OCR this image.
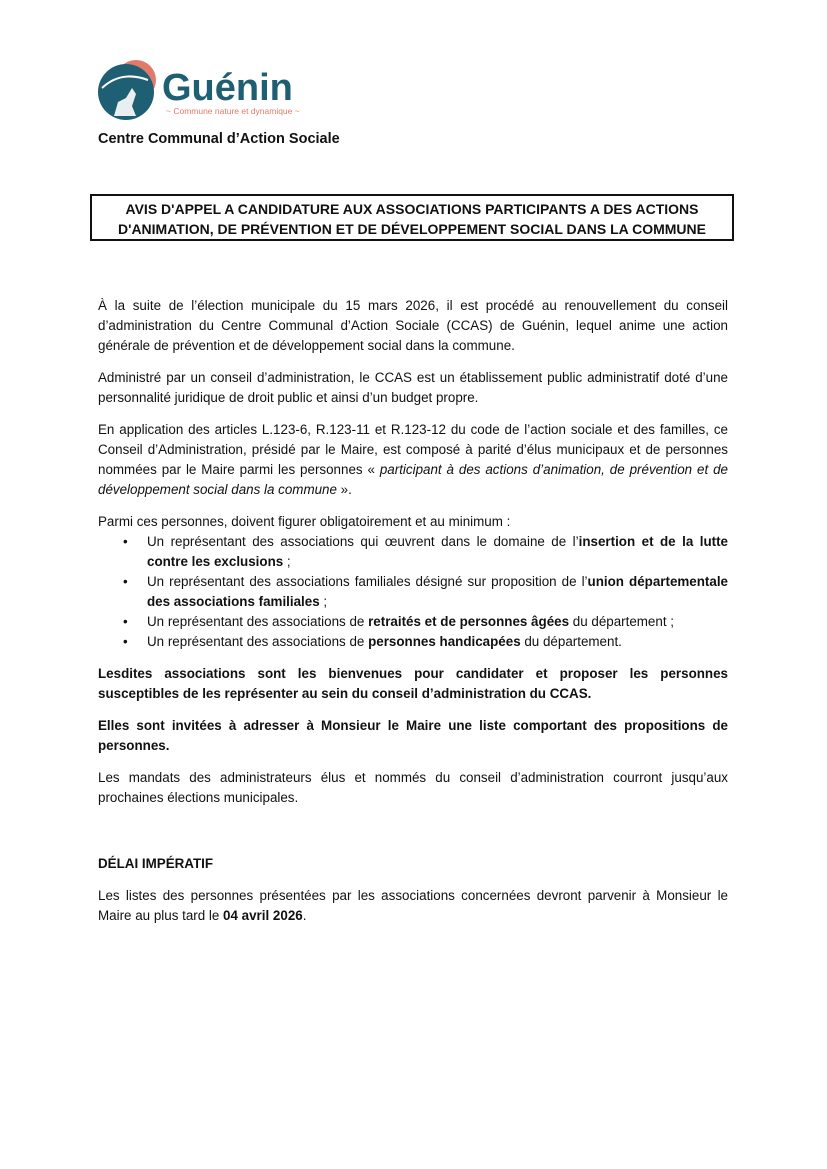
Guénin
~ Commune nature et dynamique ~
Centre Communal d’Action Sociale
AVIS D'APPEL A CANDIDATURE AUX ASSOCIATIONS PARTICIPANTS A DES ACTIONS
D'ANIMATION, DE PRÉVENTION ET DE DÉVELOPPEMENT SOCIAL DANS LA COMMUNE

À la suite de l’élection municipale du 15 mars 2026, il est procédé au renouvellement du conseil d’administration du Centre Communal d’Action Sociale (CCAS) de Guénin, lequel anime une action générale de prévention et de développement social dans la commune.

Administré par un conseil d’administration, le CCAS est un établissement public administratif doté d’une personnalité juridique de droit public et ainsi d’un budget propre.

En application des articles L.123-6, R.123-11 et R.123-12 du code de l’action sociale et des familles, ce Conseil d’Administration, présidé par le Maire, est composé à parité d’élus municipaux et de personnes nommées par le Maire parmi les personnes « participant à des actions d’animation, de prévention et de développement social dans la commune ».

Parmi ces personnes, doivent figurer obligatoirement et au minimum :

• Un représentant des associations qui œuvrent dans le domaine de l’insertion et de la lutte contre les exclusions ;
• Un représentant des associations familiales désigné sur proposition de l’union départementale des associations familiales ;
• Un représentant des associations de retraités et de personnes âgées du département ;
• Un représentant des associations de personnes handicapées du département.

Lesdites associations sont les bienvenues pour candidater et proposer les personnes susceptibles de les représenter au sein du conseil d’administration du CCAS.

Elles sont invitées à adresser à Monsieur le Maire une liste comportant des propositions de personnes.

Les mandats des administrateurs élus et nommés du conseil d’administration courront jusqu’aux prochaines élections municipales.

DÉLAI IMPÉRATIF

Les listes des personnes présentées par les associations concernées devront parvenir à Monsieur le Maire au plus tard le 04 avril 2026.
